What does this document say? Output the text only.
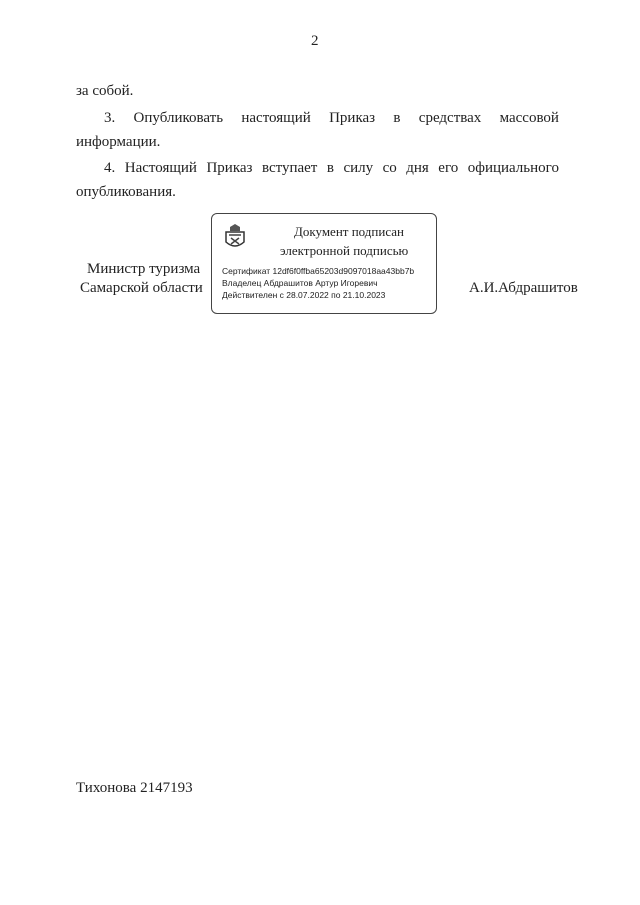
2
за собой.
3. Опубликовать настоящий Приказ в средствах массовой
информации.
4. Настоящий Приказ вступает в силу со дня его официального
опубликования.
Министр туризма
Самарской области	А.И.Абдрашитов
Документ подписан
электронной подписью
Сертификат 12df6f0ffba65203d9097018aa43bb7b
Владелец Абдрашитов Артур Игоревич
Действителен с 28.07.2022 по 21.10.2023
Тихонова 2147193
